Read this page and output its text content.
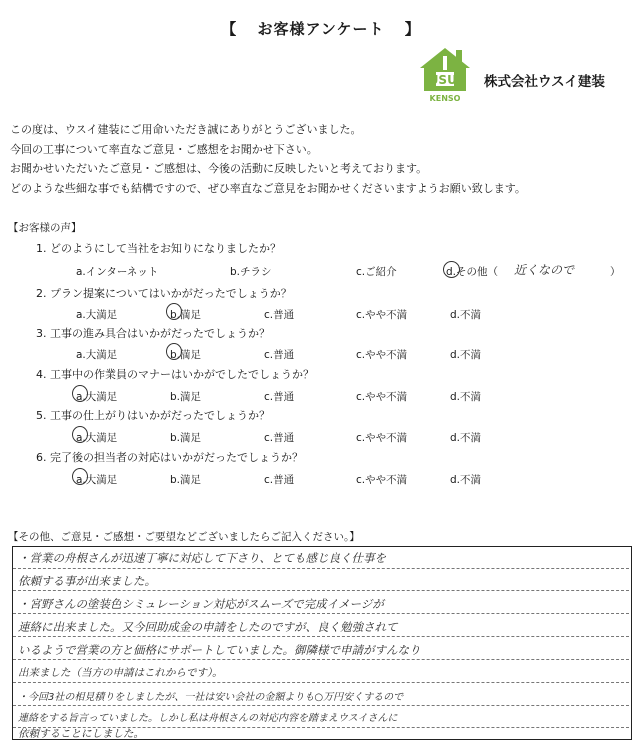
【 お客様アンケート 】
USUI
KENSO
株式会社ウスイ建装
この度は、ウスイ建装にご用命いただき誠にありがとうございました。
今回の工事について率直なご意見・ご感想をお聞かせ下さい。
お聞かせいただいたご意見・ご感想は、今後の活動に反映したいと考えております。
どのような些細な事でも結構ですので、ぜひ率直なご意見をお聞かせくださいますようお願い致します。
【お客様の声】
1. どのようにして当社をお知りになりましたか？
a.インターネット	b.チラシ	c.ご紹介	d.その他（ 近くなので	）
2. プラン提案についてはいかがだったでしょうか？
a.大満足	b.満足	c.普通	c.やや不満	d.不満
3. 工事の進み具合はいかがだったでしょうか？
a.大満足	b.満足	c.普通	c.やや不満	d.不満
4. 工事中の作業員のマナーはいかがでしたでしょうか？
a.大満足	b.満足	c.普通	c.やや不満	d.不満
5. 工事の仕上がりはいかがだったでしょうか？
a.大満足	b.満足	c.普通	c.やや不満	d.不満
6. 完了後の担当者の対応はいかがだったでしょうか？
a.大満足	b.満足	c.普通	c.やや不満	d.不満
【その他、ご意見・ご感想・ご要望などございましたらご記入ください。】
・営業の舟根さんが迅速丁寧に対応して下さり、とても感じ良く仕事を
依頼する事が出来ました。
・宮野さんの塗装色シミュレーション対応がスムーズで完成イメージが
連絡に出来ました。又今回助成金の申請をしたのですが、良く勉強されて
いるようで営業の方と価格にサポートしていました。御隣様で申請がすんなり
出来ました（当方の申請はこれからです）。
・今回3社の相見積りをしましたが、一社は安い会社の金額よりも○万円安くするので
連絡をする旨言っていました。しかし私は舟根さんの対応内容を踏まえウスイさんに
依頼することにしました。
